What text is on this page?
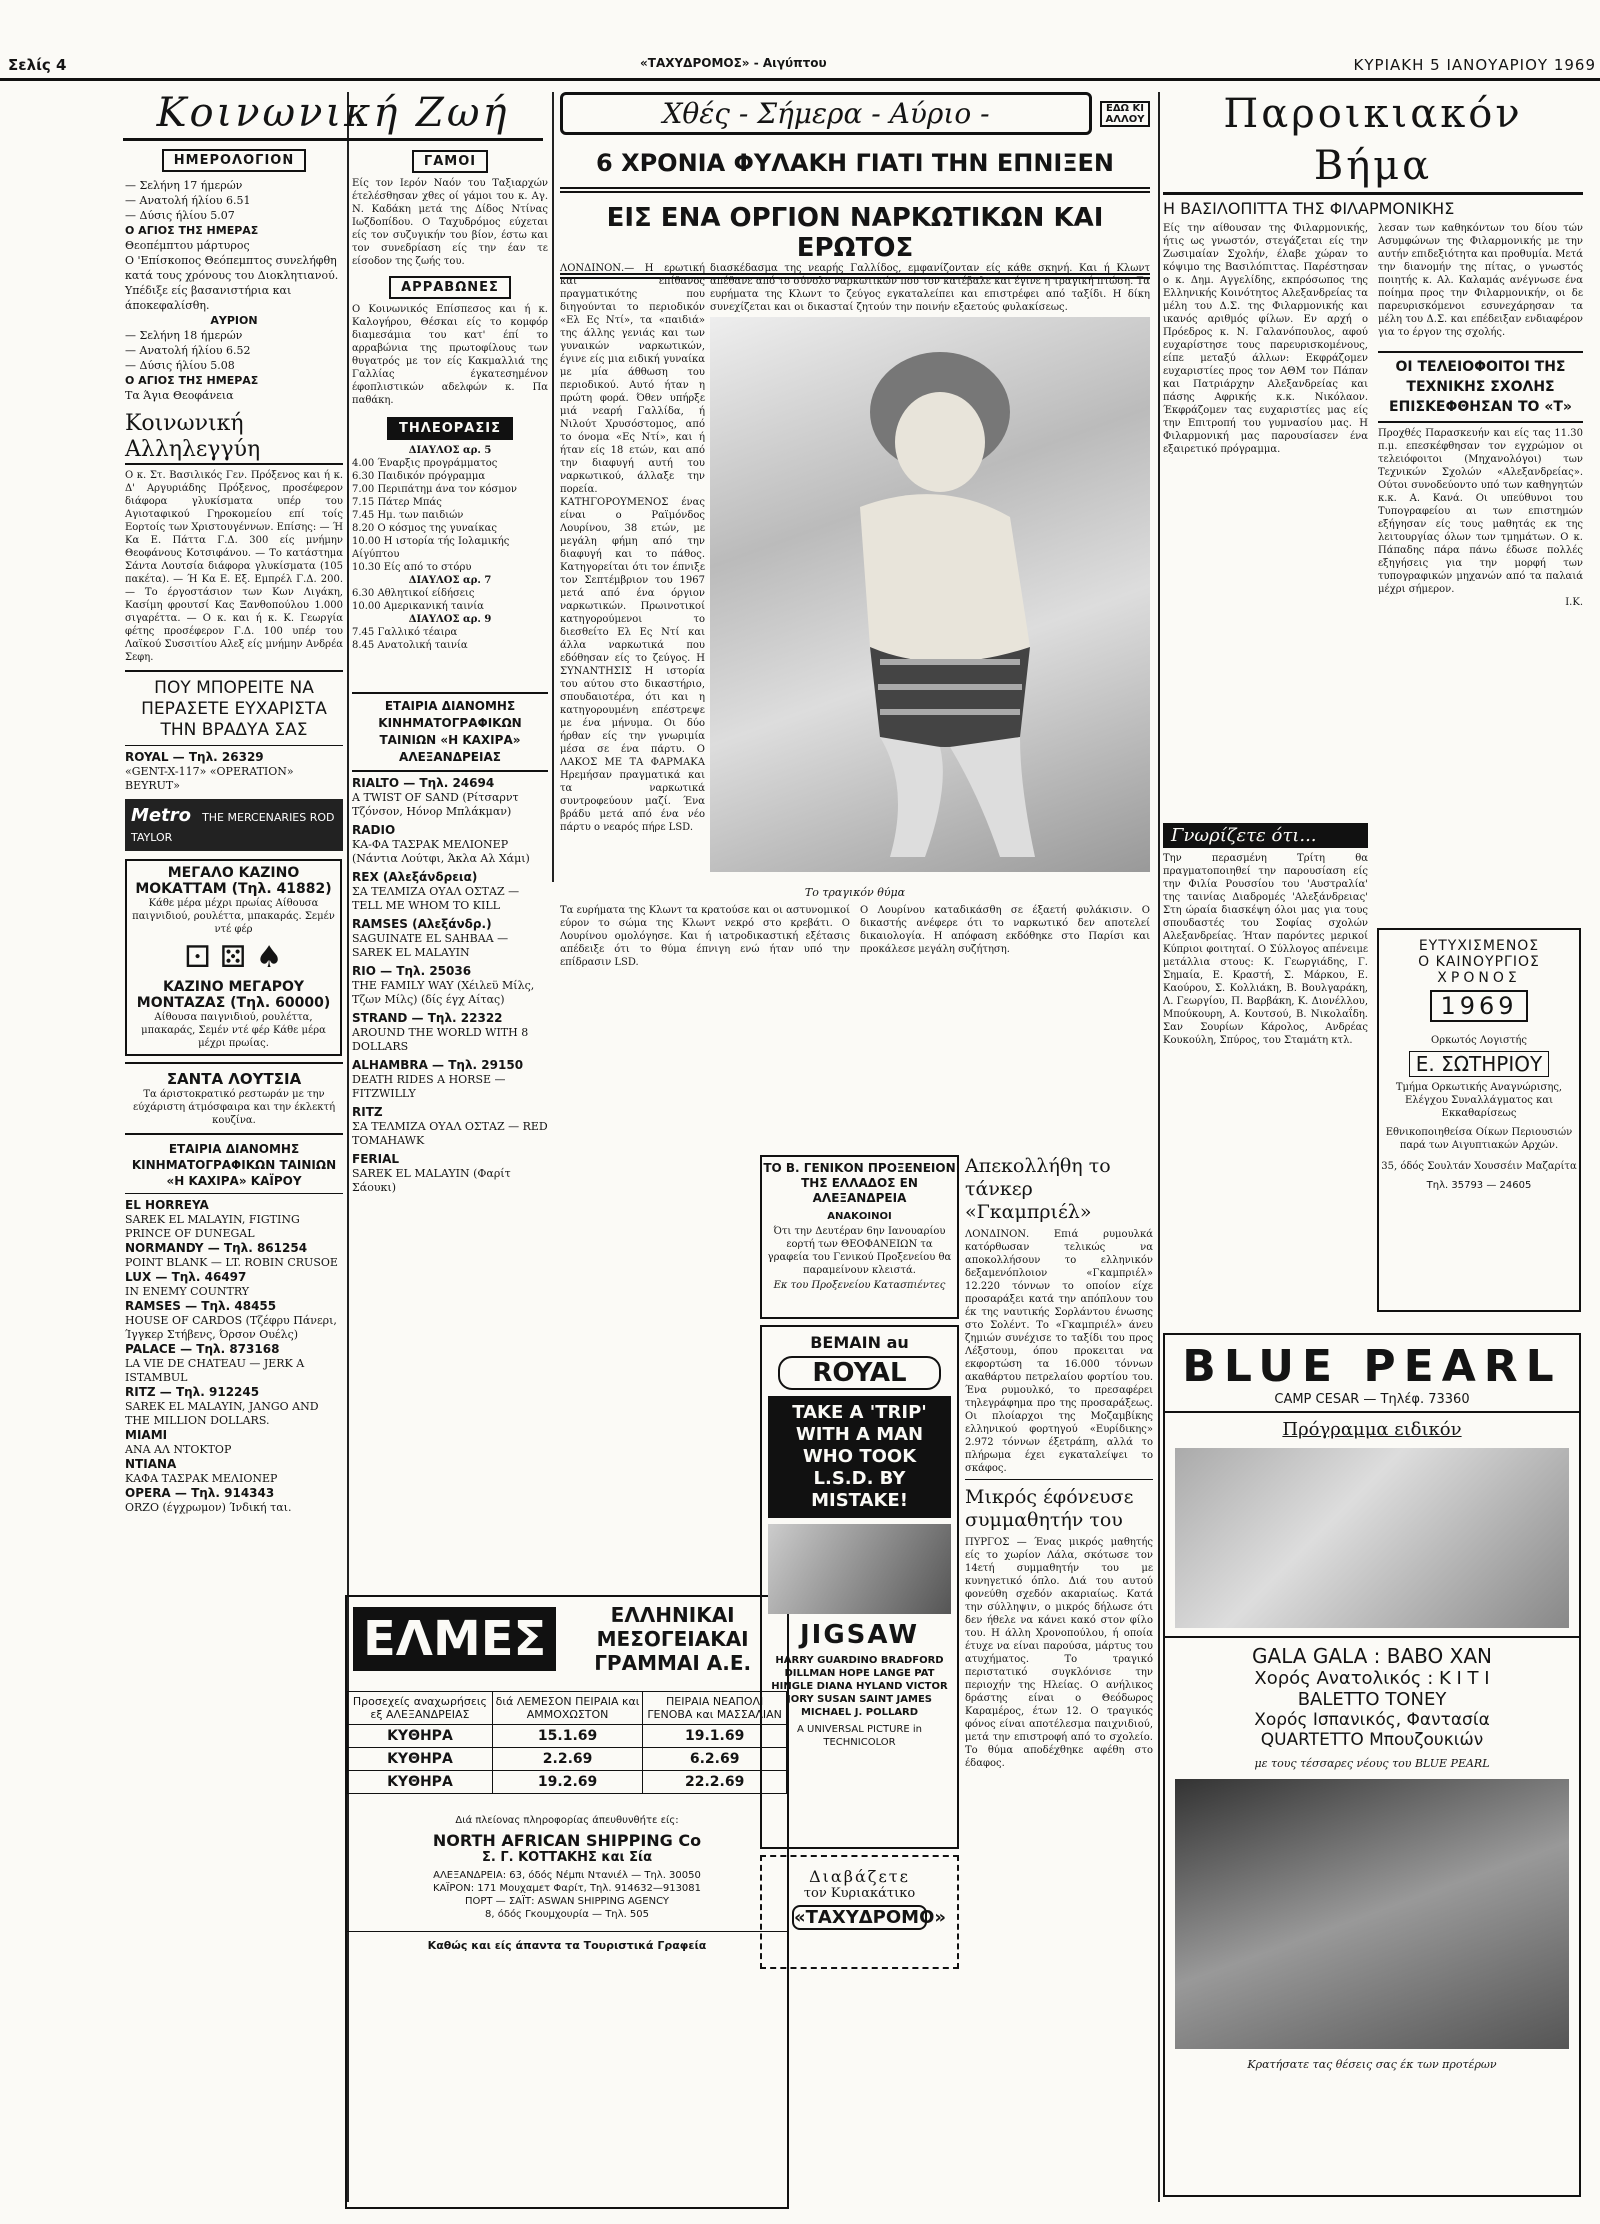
Σελίς 4	«ΤΑΧΥΔΡΟΜΟΣ» - Αιγύπτου	ΚΥΡΙΑΚΗ 5 ΙΑΝΟΥΑΡΙΟΥ 1969
Κοινωνική Ζωή
ΗΜΕΡΟΛΟΓΙΟΝ
— Σελήνη 17 ήμερών
— Ανατολή ήλίου 6.51
— Δύσις ήλίου 5.07
Ο ΑΓΙΟΣ ΤΗΣ ΗΜΕΡΑΣ
Θεοπέμπτου μάρτυρος
Ο 'Επίσκοπος Θεόπεμπτος συνελήφθη κατά τους χρόνους του Διοκλητιανού. Υπέδιξε είς βασανιστήρια και άποκεφαλίσθη.
ΑΥΡΙΟΝ
— Σελήνη 18 ήμερών
— Ανατολή ήλίου 6.52
— Δύσις ήλίου 5.08
Ο ΑΓΙΟΣ ΤΗΣ ΗΜΕΡΑΣ
Τα Άγια Θεοφάνεια
Κοινωνική Αλληλεγγύη
Ο κ. Στ. Βασιλικός Γεν. Πρόξενος και ή κ. Δ' Αργυριάδης Πρόξενος, προσέφερον διάφορα γλυκίσματα υπέρ του Αγιοταφικού Γηροκομείου επί τοίς Εορτοίς των Χριστουγέννων. Επίσης: — Ή Κα Ε. Πάττα Γ.Δ. 300 είς μνήμην Θεοφάνους Κοτσιφάνου. — Το κατάστημα Σάντα Λουτσία διάφορα γλυκίσματα (105 πακέτα). — Ή Κα Ε. Εξ. Εμπρέλ Γ.Δ. 200. — Το έργοστάσιον των Κων Λιγάκη, Κασίμη φρουτσί Κας Ξανθοπούλου 1.000 σιγαρέττα. — Ο κ. και ή κ. Κ. Γεωργία φέτης προσέφερον Γ.Δ. 100 υπέρ του Λαϊκού Συσσιτίου Αλεξ είς μνήμην Ανδρέα Σεφη.
ΠΟΥ ΜΠΟΡΕΙΤΕ ΝΑ ΠΕΡΑΣΕΤΕ ΕΥΧΑΡΙΣΤΑ ΤΗΝ ΒΡΑΔΥΑ ΣΑΣ
ROYAL — Τηλ. 26329
«GENT-X-117» «OPERATION» BEYRUT»
Metro THE MERCENARIES ROD TAYLOR
ΜΕΓΑΛΟ ΚΑΖΙΝΟ ΜΟΚΑΤΤΑΜ (Τηλ. 41882)
Κάθε μέρα μέχρι πρωίας Αίθουσα παιγνιδιού, ρουλέττα, μπακαράς. Σεμέν ντέ φέρ
⚀ ⚄ ♠
ΚΑΖΙΝΟ ΜΕΓΑΡΟΥ ΜΟΝΤΑΖΑΣ (Τηλ. 60000)
Αίθουσα παιγνιδιού, ρουλέττα, μπακαράς, Σεμέν ντέ φέρ Κάθε μέρα μέχρι πρωίας.
ΣΑΝΤΑ ΛΟΥΤΣΙΑ
Τα άριστοκρατικό ρεστωράν με την εύχάριστη άτμόσφαιρα και την έκλεκτή κουζίνα.
ΕΤΑΙΡΙΑ ΔΙΑΝΟΜΗΣ ΚΙΝΗΜΑΤΟΓΡΑΦΙΚΩΝ ΤΑΙΝΙΩΝ «Η ΚΑΧΙΡΑ» ΚΑΪΡΟΥ
EL HORREYA
SAREK EL MALAYIN, FIGTING PRINCE OF DUNEGAL
NORMANDY — Τηλ. 861254
POINT BLANK — LT. ROBIN CRUSOE
LUX — Τηλ. 46497
IN ENEMY COUNTRY
RAMSES — Τηλ. 48455
HOUSE OF CARDOS (Τζέφρυ Πάνερι, Ίγγκερ Στήβενς, Όρσον Ουέλς)
PALACE — Τηλ. 873168
LA VIE DE CHATEAU — JERK A ISTAMBUL
RITZ — Τηλ. 912245
SAREK EL MALAYIN, JANGO AND THE MILLION DOLLARS.
MIAMI
ΑΝΑ ΑΛ ΝΤΟΚΤΟΡ
NTIANA
ΚΑΦΑ ΤΑΣΡΑΚ ΜΕΛΙΟΝΕΡ
OPERA — Τηλ. 914343
ORZO (έγχρωμον) Ίνδική ται.
ΓΑΜΟΙ
Είς τον Ιερόν Ναόν του Ταξιαρχών έτελέσθησαν χθες οί γάμοι του κ. Αγ. Ν. Καδάκη μετά της Δίδος Ντίνας Ιωζδοπίδου. Ο Ταχυδρόμος εύχεται είς τον συζυγικήν του βίον, έστω και τον συνεδρίαση είς την έαν τε είσοδον της ζωής του.
ΑΡΡΑΒΩΝΕΣ
Ο Κοινωνικός Επίσπεσος και ή κ. Καλογήρου, Θέσκαι είς το κομφόρ διαμεσάμια του κατ' έπί το αρραβώνια της πρωτοφίλους των θυγατρός με τον είς Κακμαλλιά της Γαλλίας έγκατεσημένον έφοπλιστικών αδελφών κ. Πα παθάκη.
ΤΗΛΕΟΡΑΣΙΣ
ΔΙΑΥΛΟΣ αρ. 5
4.00 Έναρξις προγράμματος
6.30 Παιδικόν πρόγραμμα
7.00 Περιπάτημ άνα τον κόσμον
7.15 Πάτερ Μπάς
7.45 Ημ. των παιδιών
8.20 Ο κόσμος της γυναίκας
10.00 Η ιστορία τής Ιολαμικής Αίγύπτου
10.30 Είς από το στόρυ
ΔΙΑΥΛΟΣ αρ. 7
6.30 Αθλητικοί είδήσεις
10.00 Αμερικανική ταινία
ΔΙΑΥΛΟΣ αρ. 9
7.45 Γαλλικό τέαιρα
8.45 Ανατολική ταινία
ΕΤΑΙΡΙΑ ΔΙΑΝΟΜΗΣ ΚΙΝΗΜΑΤΟΓΡΑΦΙΚΩΝ ΤΑΙΝΙΩΝ «Η ΚΑΧΙΡΑ» ΑΛΕΞΑΝΔΡΕΙΑΣ
RIALTO — Τηλ. 24694
A TWIST OF SAND (Ρίτσαρντ Τζόνσον, Ηόνορ Μπλάκμαν)
RADIO
ΚΑ-ΦΑ ΤΑΣΡΑΚ ΜΕΛΙΟΝΕΡ (Νάντια Λούτφι, Άκλα Αλ Χάμι)
REX (Αλεξάνδρεια)
ΣΑ ΤΕΛΜΙΖΑ ΟΥΑΛ ΟΣΤΑΖ — TELL ME WHOM TO KILL
RAMSES (Αλεξάνδρ.)
SAGUINATE EL SAHBAA — SAREK EL MALAYIN
RIO — Τηλ. 25036
THE FAMILY WAY (Χέιλεϋ Μίλς, Τζων Μίλς) (δίς έγχ Αίτας)
STRAND — Τηλ. 22322
AROUND THE WORLD WITH 8 DOLLARS
ALHAMBRA — Τηλ. 29150
DEATH RIDES A HORSE — FITZWILLY
RITZ
ΣΑ ΤΕΛΜΙΖΑ ΟΥΑΛ ΟΣΤΑΖ — RED TOMAHAWK
FERIAL
SAREK EL MALAYIN (Φαρίτ Σάουκι)
ΕΛΜΕΣ	ΕΛΛΗΝΙΚΑΙ ΜΕΣΟΓΕΙΑΚΑΙ ΓΡΑΜΜΑΙ Α.Ε.
Προσεχείς αναχωρήσεις εξ ΑΛΕΞΑΝΔΡΕΙΑΣ	διά ΛΕΜΕΣΟΝ ΠΕΙΡΑΙΑ και ΑΜΜΟΧΩΣΤΟΝ	ΠΕΙΡΑΙΑ ΝΕΑΠΟΛΙ ΓΕΝΟΒΑ και ΜΑΣΣΑΛΙΑΝ
ΚΥΘΗΡΑ	15.1.69	19.1.69
ΚΥΘΗΡΑ	2.2.69	6.2.69
ΚΥΘΗΡΑ	19.2.69	22.2.69
Διά πλείονας πληροφορίας άπευθυνθήτε είς:
NORTH AFRICAN SHIPPING Co
Σ. Γ. ΚΟΤΤΑΚΗΣ και Σία
ΑΛΕΞΑΝΔΡΕΙΑ: 63, όδός Νέμπι Ντανιέλ — Τηλ. 30050
ΚΑΪΡΟΝ: 171 Μουχαμετ Φαρίτ, Τηλ. 914632—913081
ΠΟΡΤ — ΣΑΪΤ: ASWAN SHIPPING AGENCY
8, όδός Γκουμχουρία — Τηλ. 505
Καθώς και είς άπαντα τα Τουριστικά Γραφεία
Χθές - Σήμερα - Αύριο -	ΕΔΩ ΚΙ ΑΛΛΟΥ
6 ΧΡΟΝΙΑ ΦΥΛΑΚΗ ΓΙΑΤΙ ΤΗΝ ΕΠΝΙΞΕΝ
ΕΙΣ ΕΝΑ ΟΡΓΙΟΝ ΝΑΡΚΩΤΙΚΩΝ ΚΑΙ ΕΡΩΤΟΣ
ΛΟΝΔΙΝΟΝ.— Η ερωτική και επίθανος πραγματικότης που διηγούνται το περιοδικόν «Ελ Ες Ντί», τα «παιδιά» της άλλης γενιάς και των γυναικών ναρκωτικών, έγινε είς μια ειδική γυναίκα με μία άθθωση του περιοδικού. Αυτό ήταν η πρώτη φορά. Όθεν υπήρξε μιά νεαρή Γαλλίδα, ή Νιλούτ Χρυσόστομος, από το όνομα «Ες Ντί», και ή ήταν είς 18 ετών, και από την διαφυγή αυτή του ναρκωτικού, άλλαξε την πορεία. ΚΑΤΗΓΟΡΟΥΜΕΝΟΣ ένας είναι ο Ραϊμόνδος Λουρίνου, 38 ετών, με μεγάλη φήμη από την διαφυγή και το πάθος. Κατηγορείται ότι τον έπνιξε τον Σεπτέμβριον του 1967 μετά από ένα όργιον ναρκωτικών. Πρωινοτικοί κατηγορούμενοι το διεσθείτο Ελ Ες Ντί και άλλα ναρκωτικά που εδόθησαν είς το ζεύγος. Η ΣΥΝΑΝΤΗΣΙΣ Η ιστορία του αύτου στο δικαστήριο, σπουδαιοτέρα, ότι και η κατηγορουμένη επέστρεψε με ένα μήνυμα. Οι δύο ήρθαν είς την γνωριμία μέσα σε ένα πάρτυ. Ο ΛΑΚΟΣ ΜΕ ΤΑ ΦΑΡΜΑΚΑ Ηρεμήσαν πραγματικά και τα ναρκωτικά συντροφεύουν μαζί. Ένα βράδυ μετά από ένα νέο πάρτυ ο νεαρός πήρε LSD.
διασκέδασμα της νεαρής Γαλλίδος, εμφανίζονταν είς κάθε σκηνή. Και ή Κλωντ απέθανε από το σύνολο ναρκωτικών που τον κατέβαλε και έγινε η τραγική πτώση. Τα ευρήματα της Κλωντ το ζεύγος εγκαταλείπει και επιστρέφει από ταξίδι. Η δίκη συνεχίζεται και οι δικασταί ζητούν την ποινήν εξαετούς φυλακίσεως.
Το τραγικόν θύμα
Τα ευρήματα της Κλωντ τα κρατούσε και οι αστυνομικοί εύρον το σώμα της Κλωντ νεκρό στο κρεβάτι. Ο Λουρίνου ομολόγησε. Και ή ιατροδικαστική εξέτασις απέδειξε ότι το θύμα έπνιγη ενώ ήταν υπό την επίδρασιν LSD.
Ο Λουρίνου καταδικάσθη σε έξαετή φυλάκισιν. Ο δικαστής ανέφερε ότι το ναρκωτικό δεν αποτελεί δικαιολογία. Η απόφαση εκδόθηκε στο Παρίσι και προκάλεσε μεγάλη συζήτηση.
ΤΟ Β. ΓΕΝΙΚΟΝ ΠΡΟΞΕΝΕΙΟΝ ΤΗΣ ΕΛΛΑΔΟΣ ΕΝ ΑΛΕΞΑΝΔΡΕΙΑ
ΑΝΑΚΟΙΝΟΙ
Ότι την Δευτέραν 6ην Ιανουαρίου εορτή των ΘΕΟΦΑΝΕΙΩΝ τα γραφεία του Γενικού Προξενείου θα παραμείνουν κλειστά.
Εκ του Προξενείου Κατασπιέντες
ΒΕΜΑΙΝ au
ROYAL
TAKE A 'TRIP' WITH A MAN WHO TOOK L.S.D. BY MISTAKE!
JIGSAW
HARRY GUARDINO BRADFORD DILLMAN HOPE LANGE PAT HINGLE DIANA HYLAND VICTOR JORY SUSAN SAINT JAMES MICHAEL J. POLLARD
A UNIVERSAL PICTURE in TECHNICOLOR
Διαβάζετε
τον Κυριακάτικο
«ΤΑΧΥΔΡΟΜΟ»
Απεκολλήθη το τάνκερ «Γκαμπριέλ»
ΛΟΝΔΙΝΟΝ. Επιά ρυμουλκά κατόρθωσαν τελικώς να αποκολλήσουν το ελληνικόν δεξαμενόπλοιον «Γκαμπριέλ» 12.220 τόννων το οποίον είχε προσαράξει κατά την απόπλουν του έκ της ναυτικής Σορλάντου ένωσης στο Σολέντ. Το «Γκαμπριέλ» άνευ ζημιών συνέχισε το ταξίδι του προς Λέξστουμ, όπου προκειται να εκφορτώση τα 16.000 τόννων ακαθάρτου πετρελαίου φορτίου του. Ένα ρυμουλκό, το πρεσαφέρει τηλεγράφημα προ της προσαράξεως. Οι πλοίαρχοι της Μοζαμβίκης ελληνικού φορτηγού «Ευρίδικης» 2.972 τόννων έξετράπη, αλλά το πλήρωμα έχει εγκαταλείψει το σκάφος.
Μικρός έφόνευσε συμμαθητήν του
ΠΥΡΓΟΣ — Ένας μικρός μαθητής είς το χωρίον Λάλα, σκότωσε τον 14ετή συμμαθητήν του με κυνηγετικό όπλο. Διά του αυτού φονεύθη σχεδόν ακαριαίως. Κατά την σύλληψιν, ο μικρός δήλωσε ότι δεν ήθελε να κάνει κακό στον φίλο του. Η άλλη Χρονοπούλου, ή οποία έτυχε να είναι παρούσα, μάρτυς του ατυχήματος. Το τραγικό περιστατικό συγκλόνισε την περιοχήν της Ηλείας. Ο ανήλικος δράστης είναι ο Θεόδωρος Καραμέρος, έτων 12. Ο τραγικός φόνος είναι αποτέλεσμα παιχνιδιού, μετά την επιστροφή από το σχολείο. Το θύμα αποδέχθηκε αφέθη στο έδαφος.
Παροικιακόν Βήμα
Η ΒΑΣΙΛΟΠΙΤΤΑ ΤΗΣ ΦΙΛΑΡΜΟΝΙΚΗΣ
Είς την αίθουσαν της Φιλαρμονικής, ήτις ως γνωστόν, στεγάζεται είς την Ζωσιμαίαν Σχολήν, έλαβε χώραν το κόψιμο της Βασιλόπιττας. Παρέστησαν ο κ. Δημ. Αγγελίδης, εκπρόσωπος της Ελληνικής Κοινότητος Αλεξανδρείας τα μέλη του Δ.Σ. της Φιλαρμονικής και ικανός αριθμός φίλων. Εν αρχή ο Πρόεδρος κ. Ν. Γαλανόπουλος, αφού ευχαρίστησε τους παρευρισκομένους, είπε μεταξύ άλλων: Εκφράζομεν ευχαριστίες προς τον ΑΘΜ τον Πάπαν και Πατριάρχην Αλεξανδρείας και πάσης Αφρικής κ.κ. Νικόλαον. Έκφράζομεν τας ευχαριστίες μας είς την Επιτροπή του γυμνασίου μας. Η Φιλαρμονική μας παρουσίασεν ένα εξαιρετικό πρόγραμμα.
λεσαν των καθηκόντων του δίου τών Ασυμφώνων της Φιλαρμονικής με την αυτήν επιδεξιότητα και προθυμία. Μετά την διανομήν της πίτας, ο γνωστός ποιητής κ. Αλ. Καλαμάς ανέγνωσε ένα ποίημα προς την Φιλαρμονικήν, οι δε παρευρισκόμενοι εσυνεχάρησαν τα μέλη του Δ.Σ. και επέδειξαν ενδιαφέρον για το έργον της σχολής.
ΟΙ ΤΕΛΕΙΟΦΟΙΤΟΙ ΤΗΣ ΤΕΧΝΙΚΗΣ ΣΧΟΛΗΣ ΕΠΙΣΚΕΦΘΗΣΑΝ ΤΟ «Τ»
Προχθές Παρασκευήν και είς τας 11.30 π.μ. επεσκέφθησαν τον εγχρώμον οι τελειόφοιτοι (Μηχανολόγοι) των Τεχνικών Σχολών «Αλεξανδρείας». Ούτοι συνοδεύοντο υπό των καθηγητών κ.κ. Α. Κανά. Οι υπεύθυνοι του Τυπογραφείου αι των επιστημών εξήγησαν είς τους μαθητάς εκ της λειτουργίας όλων των τμημάτων. Ο κ. Πάπαδης πάρα πάνω έδωσε πολλές εξηγήσεις για την μορφή των τυπογραφικών μηχανών από τα παλαιά μέχρι σήμερον.
Ι.Κ.
Γνωρίζετε ότι...
Την περασμένη Τρίτη θα πραγματοποιηθεί την παρουσίαση είς την Φιλία Ρουσσίου του 'Αυστραλία' της ταινίας Διαδρομές 'Αλεξάνδρειας' Στη ώραία διασκέψη όλοι μας για τους σπουδαστές του Σοφίας σχολών Αλεξανδρείας. Ήταν παρόντες μερικοί Κύπριοι φοιτηταί. Ο Σύλλογος απένειμε μετάλλια στους: Κ. Γεωργιάδης, Γ. Σημαία, Ε. Κραστή, Σ. Μάρκου, Ε. Καούρου, Σ. Κολλιάκη, Β. Βουλγαράκη, Λ. Γεωργίου, Π. Βαρβάκη, Κ. Διονέλλου, Μπούκουρη, Α. Κουτσού, Β. Νικολαΐδη. Σαν Σουρίων Κάρολος, Ανδρέας Κουκούλη, Σπύρος, του Σταμάτη κτλ.
ΕΥΤΥΧΙΣΜΕΝΟΣ
Ο ΚΑΙΝΟΥΡΓΙΟΣ
ΧΡΟΝΟΣ
1969
Ορκωτός Λογιστής
Ε. ΣΩΤΗΡΙΟΥ
Τμήμα Ορκωτικής Αναγνώρισης, Ελέγχου Συναλλάγματος και Εκκαθαρίσεως
Εθνικοποιηθείσα Οίκων Περιουσιών παρά των Αιγυπτιακών Αρχών.
35, όδός Σουλτάν Χουσσέιν Μαζαρίτα
Τηλ. 35793 — 24605
BLUE PEARL
CAMP CESAR — Τηλέφ. 73360
Πρόγραμμα ειδικόν
GALA GALA : BABO XAN
Χορός Ανατολικός : K I T I
BALETTO TONEY
Χορός Ισπανικός, Φαντασία
QUARTETTO Μπουζουκιών
με τους τέσσαρες νέους του BLUE PEARL
Κρατήσατε τας θέσεις σας έκ των προτέρων
